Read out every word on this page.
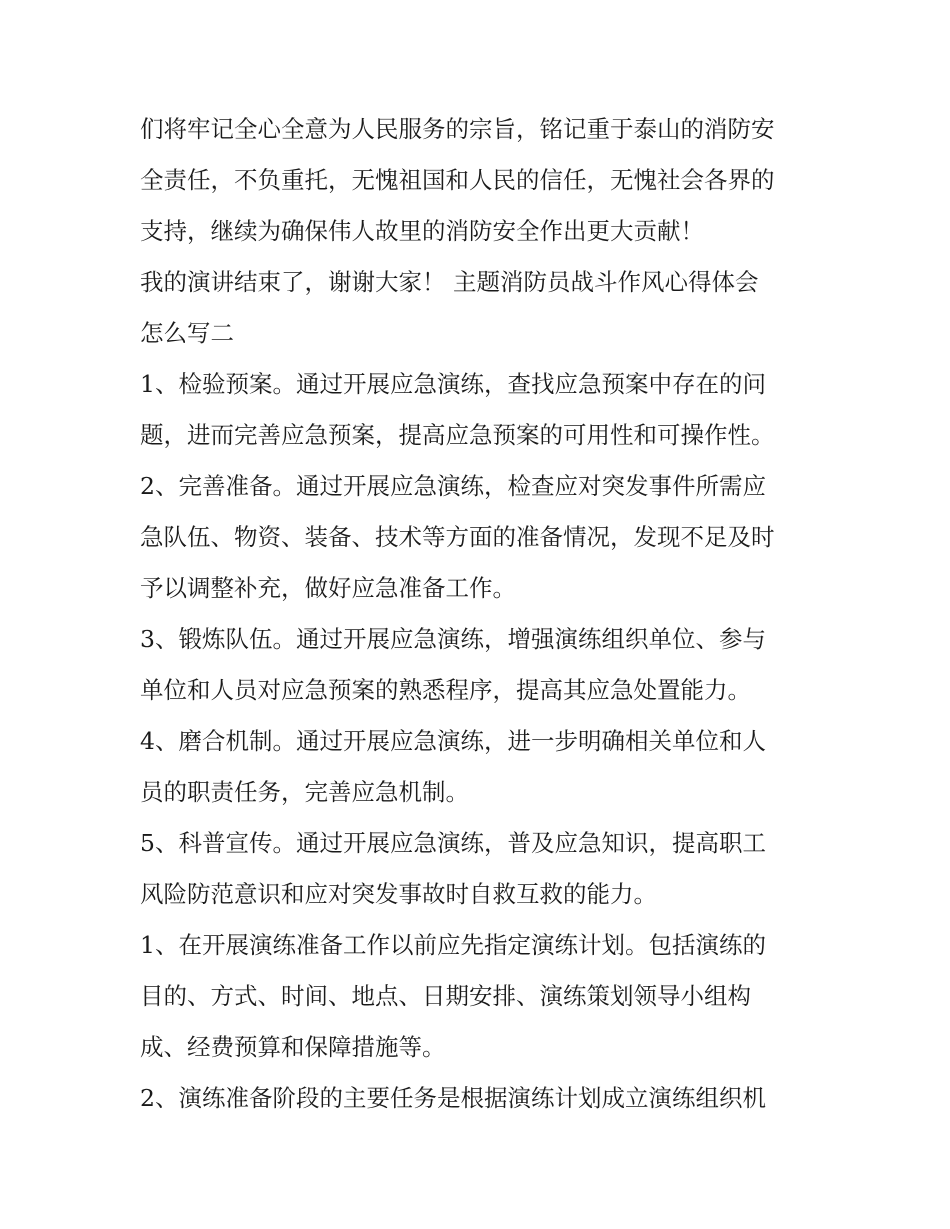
们将牢记全心全意为人民服务的宗旨，铭记重于泰山的消防安
全责任，不负重托，无愧祖国和人民的信任，无愧社会各界的
支持，继续为确保伟人故里的消防安全作出更大贡献！
我的演讲结束了，谢谢大家！ 主题消防员战斗作风心得体会
怎么写二
1、检验预案。通过开展应急演练，查找应急预案中存在的问
题，进而完善应急预案，提高应急预案的可用性和可操作性。
2、完善准备。通过开展应急演练，检查应对突发事件所需应
急队伍、物资、装备、技术等方面的准备情况，发现不足及时
予以调整补充，做好应急准备工作。
3、锻炼队伍。通过开展应急演练，增强演练组织单位、参与
单位和人员对应急预案的熟悉程序，提高其应急处置能力。
4、磨合机制。通过开展应急演练，进一步明确相关单位和人
员的职责任务，完善应急机制。
5、科普宣传。通过开展应急演练，普及应急知识，提高职工
风险防范意识和应对突发事故时自救互救的能力。
1、在开展演练准备工作以前应先指定演练计划。包括演练的
目的、方式、时间、地点、日期安排、演练策划领导小组构
成、经费预算和保障措施等。
2、演练准备阶段的主要任务是根据演练计划成立演练组织机
